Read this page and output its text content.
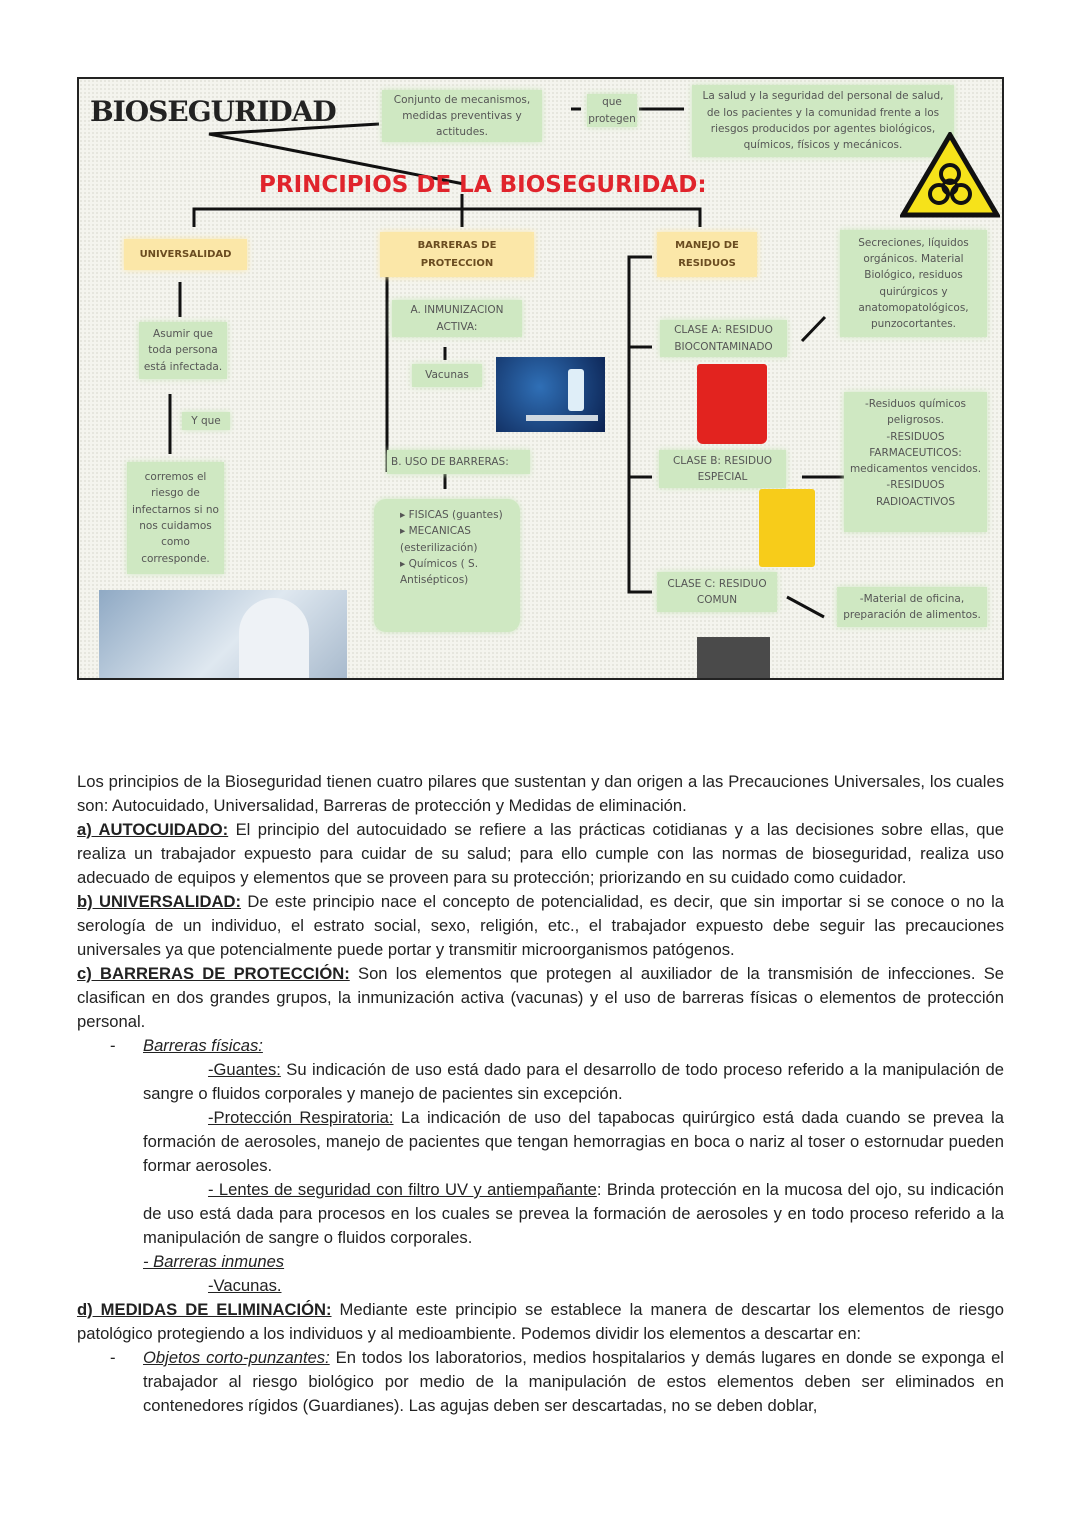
BIOSEGURIDAD	Conjunto de mecanismos, medidas preventivas y actitudes.
que protegen
La salud y la seguridad del personal de salud, de los pacientes y la comunidad frente a los riesgos producidos por agentes biológicos, químicos, físicos y mecánicos.
PRINCIPIOS DE LA BIOSEGURIDAD:
UNIVERSALIDAD
Asumir que toda persona está infectada.
Y que
corremos el riesgo de infectarnos si no nos cuidamos como corresponde.
BARRERAS DE PROTECCION
A. INMUNIZACION ACTIVA:
Vacunas
B. USO DE BARRERAS:
▸ FISICAS (guantes)
▸ MECANICAS (esterilización)
▸ Químicos ( S. Antisépticos)
MANEJO DE RESIDUOS
Secreciones, líquidos orgánicos. Material Biológico, residuos quirúrgicos y anatomopatológicos, punzocortantes.
CLASE A: RESIDUO BIOCONTAMINADO
-Residuos químicos peligrosos.
-RESIDUOS FARMACEUTICOS: medicamentos vencidos.
-RESIDUOS RADIOACTIVOS
CLASE B: RESIDUO ESPECIAL
CLASE C: RESIDUO COMUN	-Material de oficina, preparación de alimentos.

Los principios de la Bioseguridad tienen cuatro pilares que sustentan y dan origen a las Precauciones Universales, los cuales son: Autocuidado, Universalidad, Barreras de protección y Medidas de eliminación.

a) AUTOCUIDADO: El principio del autocuidado se refiere a las prácticas cotidianas y a las decisiones sobre ellas, que realiza un trabajador expuesto para cuidar de su salud; para ello cumple con las normas de bioseguridad, realiza uso adecuado de equipos y elementos que se proveen para su protección; priorizando en su cuidado como cuidador.

b) UNIVERSALIDAD: De este principio nace el concepto de potencialidad, es decir, que sin importar si se conoce o no la serología de un individuo, el estrato social, sexo, religión, etc., el trabajador expuesto debe seguir las precauciones universales ya que potencialmente puede portar y transmitir microorganismos patógenos.

c) BARRERAS DE PROTECCIÓN: Son los elementos que protegen al auxiliador de la transmisión de infecciones. Se clasifican en dos grandes grupos, la inmunización activa (vacunas) y el uso de barreras físicas o elementos de protección personal.

- Barreras físicas:

-Guantes: Su indicación de uso está dado para el desarrollo de todo proceso referido a la manipulación de sangre o fluidos corporales y manejo de pacientes sin excepción.

-Protección Respiratoria: La indicación de uso del tapabocas quirúrgico está dada cuando se prevea la formación de aerosoles, manejo de pacientes que tengan hemorragias en boca o nariz al toser o estornudar pueden formar aerosoles.

- Lentes de seguridad con filtro UV y antiempañante: Brinda protección en la mucosa del ojo, su indicación de uso está dada para procesos en los cuales se prevea la formación de aerosoles y en todo proceso referido a la manipulación de sangre o fluidos corporales.

- Barreras inmunes

-Vacunas.

d) MEDIDAS DE ELIMINACIÓN: Mediante este principio se establece la manera de descartar los elementos de riesgo patológico protegiendo a los individuos y al medioambiente. Podemos dividir los elementos a descartar en:

- Objetos corto-punzantes: En todos los laboratorios, medios hospitalarios y demás lugares en donde se exponga el trabajador al riesgo biológico por medio de la manipulación de estos elementos deben ser eliminados en contenedores rígidos (Guardianes). Las agujas deben ser descartadas, no se deben doblar,
